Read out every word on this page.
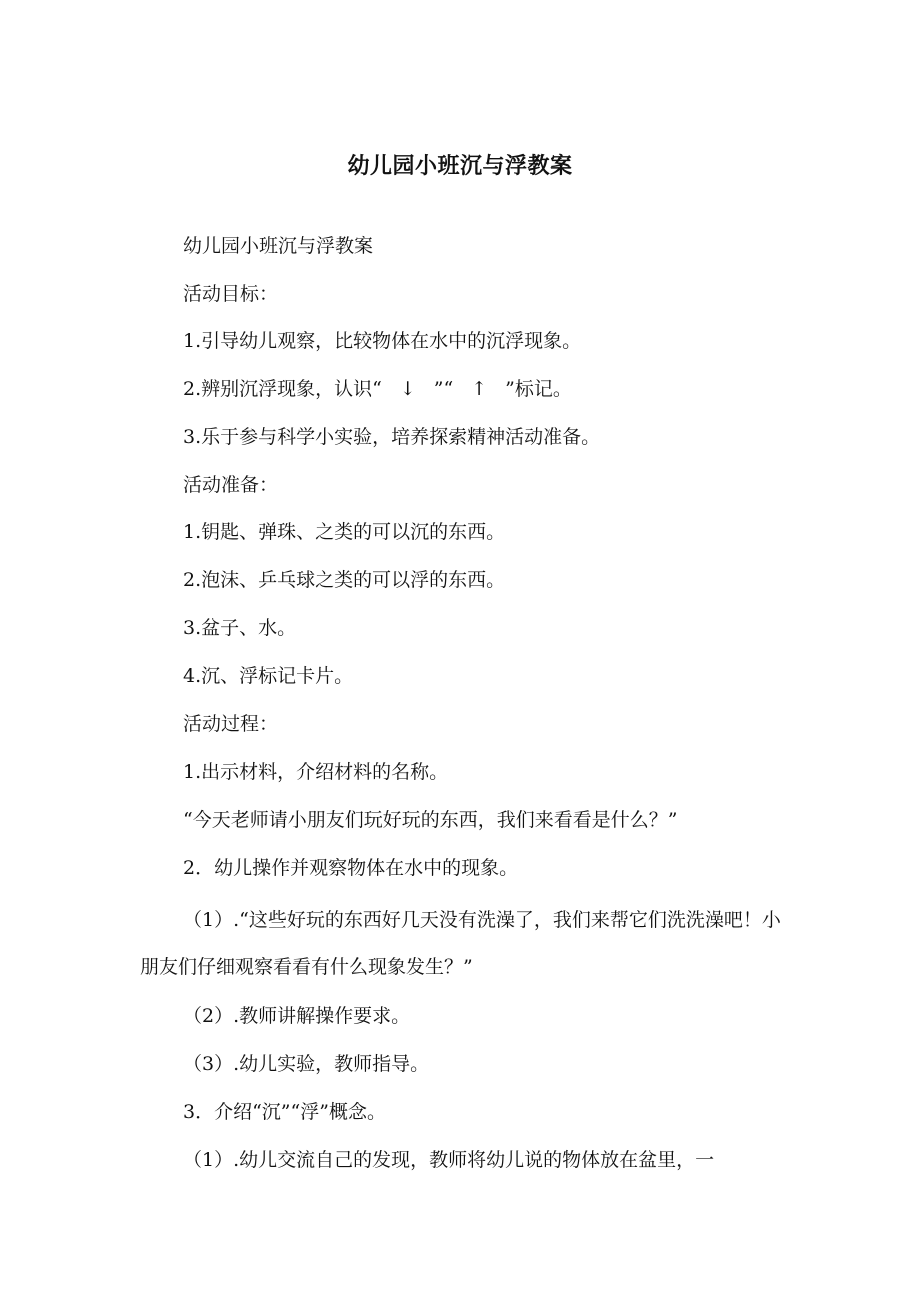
幼儿园小班沉与浮教案
幼儿园小班沉与浮教案
活动目标：
1.引导幼儿观察，比较物体在水中的沉浮现象。
2.辨别沉浮现象，认识“ ↓ ”“ ↑ ”标记。
3.乐于参与科学小实验，培养探索精神活动准备。
活动准备：
1.钥匙、弹珠、之类的可以沉的东西。
2.泡沫、乒乓球之类的可以浮的东西。
3.盆子、水。
4.沉、浮标记卡片。
活动过程：
1.出示材料，介绍材料的名称。
“今天老师请小朋友们玩好玩的东西，我们来看看是什么？”
2．幼儿操作并观察物体在水中的现象。
（1）.“这些好玩的东西好几天没有洗澡了，我们来帮它们洗洗澡吧！小朋友们仔细观察看看有什么现象发生？”
（2）.教师讲解操作要求。
（3）.幼儿实验，教师指导。
3．介绍“沉”“浮”概念。
（1）.幼儿交流自己的发现，教师将幼儿说的物体放在盆里，一
